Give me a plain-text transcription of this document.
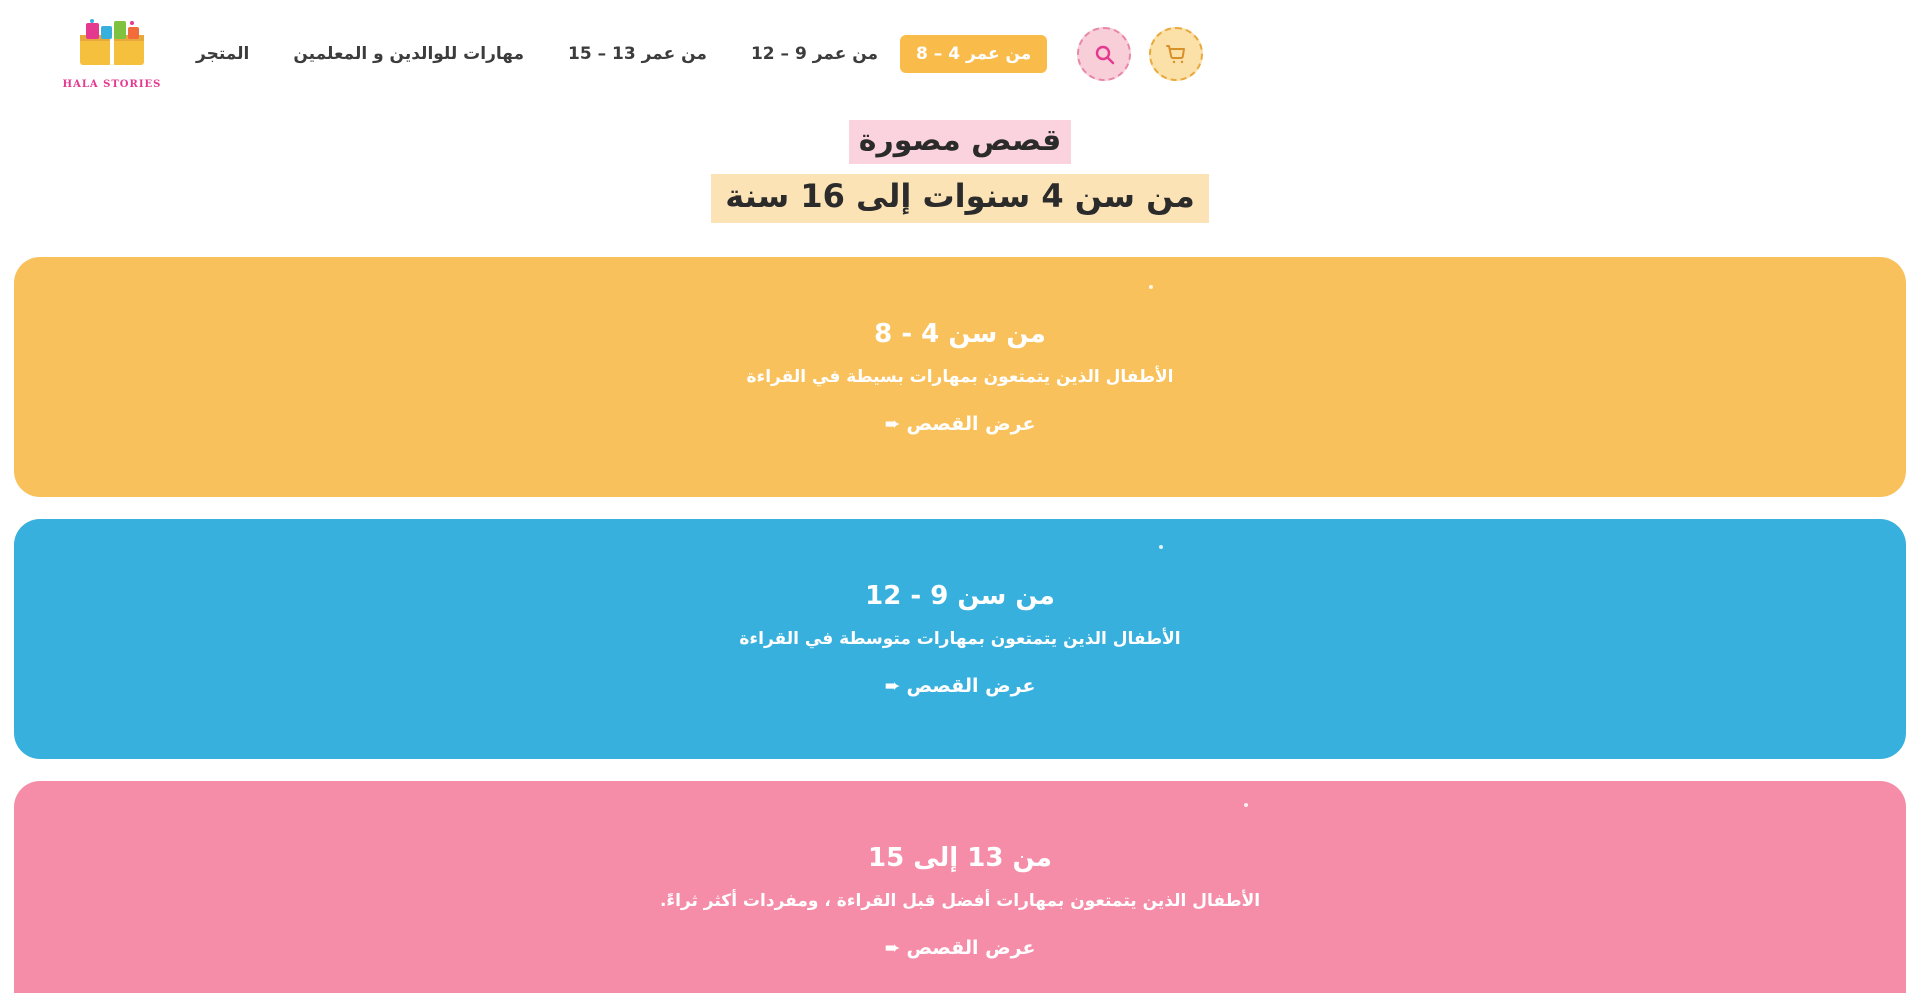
HALA STORIES
من عمر 4 – 8
من عمر 9 – 12
من عمر 13 – 15
مهارات للوالدين و المعلمين
المتجر
قصص مصورة
من سن 4 سنوات إلى 16 سنة
من سن 4 - 8
الأطفال الذين يتمتعون بمهارات بسيطة في القراءة
عرض القصص
➨
من سن 9 - 12
الأطفال الذين يتمتعون بمهارات متوسطة في القراءة
عرض القصص
➨
من 13 إلى 15
الأطفال الذين يتمتعون بمهارات أفضل قبل القراءة ، ومفردات أكثر ثراءً.
عرض القصص
➨
